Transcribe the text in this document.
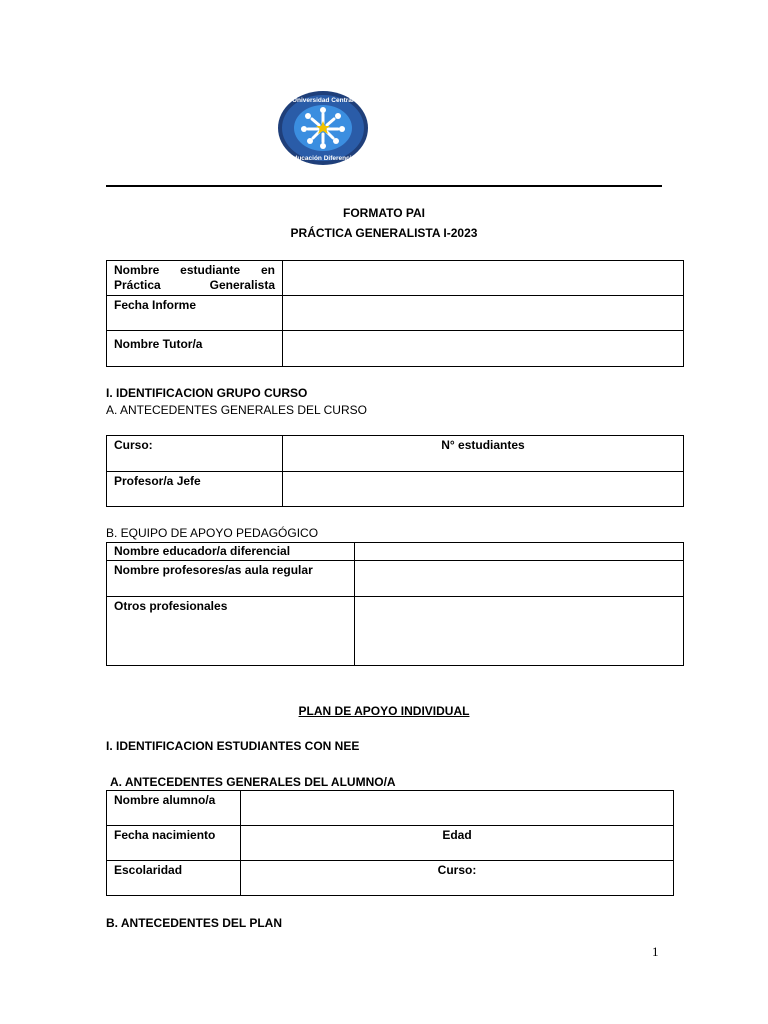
Universidad Central
Educación Diferencial
FORMATO PAI
PRÁCTICA GENERALISTA I-2023
Nombre estudiante en Práctica Generalista	
Fecha Informe	
Nombre Tutor/a	
I. IDENTIFICACION GRUPO CURSO
A. ANTECEDENTES GENERALES DEL CURSO
Curso:	N° estudiantes
Profesor/a Jefe	
B. EQUIPO DE APOYO PEDAGÓGICO
Nombre educador/a diferencial	
Nombre profesores/as aula regular	
Otros profesionales	
PLAN DE APOYO INDIVIDUAL
I. IDENTIFICACION ESTUDIANTES CON NEE
A. ANTECEDENTES GENERALES DEL ALUMNO/A
Nombre alumno/a	
Fecha nacimiento	Edad
Escolaridad	Curso:
B. ANTECEDENTES DEL PLAN
1
